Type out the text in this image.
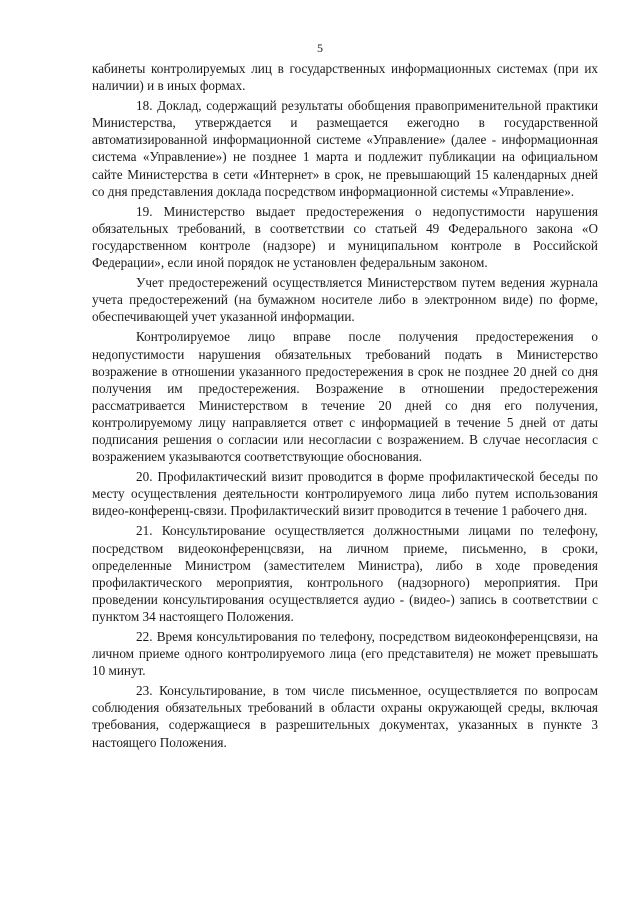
5

кабинеты контролируемых лиц в государственных информационных системах (при их наличии) и в иных формах.

18. Доклад, содержащий результаты обобщения правоприменительной практики Министерства, утверждается и размещается ежегодно в государственной автоматизированной информационной системе «Управление» (далее - информационная система «Управление») не позднее 1 марта и подлежит публикации на официальном сайте Министерства в сети «Интернет» в срок, не превышающий 15 календарных дней со дня представления доклада посредством информационной системы «Управление».

19. Министерство выдает предостережения о недопустимости нарушения обязательных требований, в соответствии со статьей 49 Федерального закона «О государственном контроле (надзоре) и муниципальном контроле в Российской Федерации», если иной порядок не установлен федеральным законом.

Учет предостережений осуществляется Министерством путем ведения журнала учета предостережений (на бумажном носителе либо в электронном виде) по форме, обеспечивающей учет указанной информации.

Контролируемое лицо вправе после получения предостережения о недопустимости нарушения обязательных требований подать в Министерство возражение в отношении указанного предостережения в срок не позднее 20 дней со дня получения им предостережения. Возражение в отношении предостережения рассматривается Министерством в течение 20 дней со дня его получения, контролируемому лицу направляется ответ с информацией в течение 5 дней от даты подписания решения о согласии или несогласии с возражением. В случае несогласия с возражением указываются соответствующие обоснования.

20. Профилактический визит проводится в форме профилактической беседы по месту осуществления деятельности контролируемого лица либо путем использования видео-конференц-связи. Профилактический визит проводится в течение 1 рабочего дня.

21. Консультирование осуществляется должностными лицами по телефону, посредством видеоконференцсвязи, на личном приеме, письменно, в сроки, определенные Министром (заместителем Министра), либо в ходе проведения профилактического мероприятия, контрольного (надзорного) мероприятия. При проведении консультирования осуществляется аудио - (видео-) запись в соответствии с пунктом 34 настоящего Положения.

22. Время консультирования по телефону, посредством видеоконференцсвязи, на личном приеме одного контролируемого лица (его представителя) не может превышать 10 минут.

23. Консультирование, в том числе письменное, осуществляется по вопросам соблюдения обязательных требований в области охраны окружающей среды, включая требования, содержащиеся в разрешительных документах, указанных в пункте 3 настоящего Положения.
